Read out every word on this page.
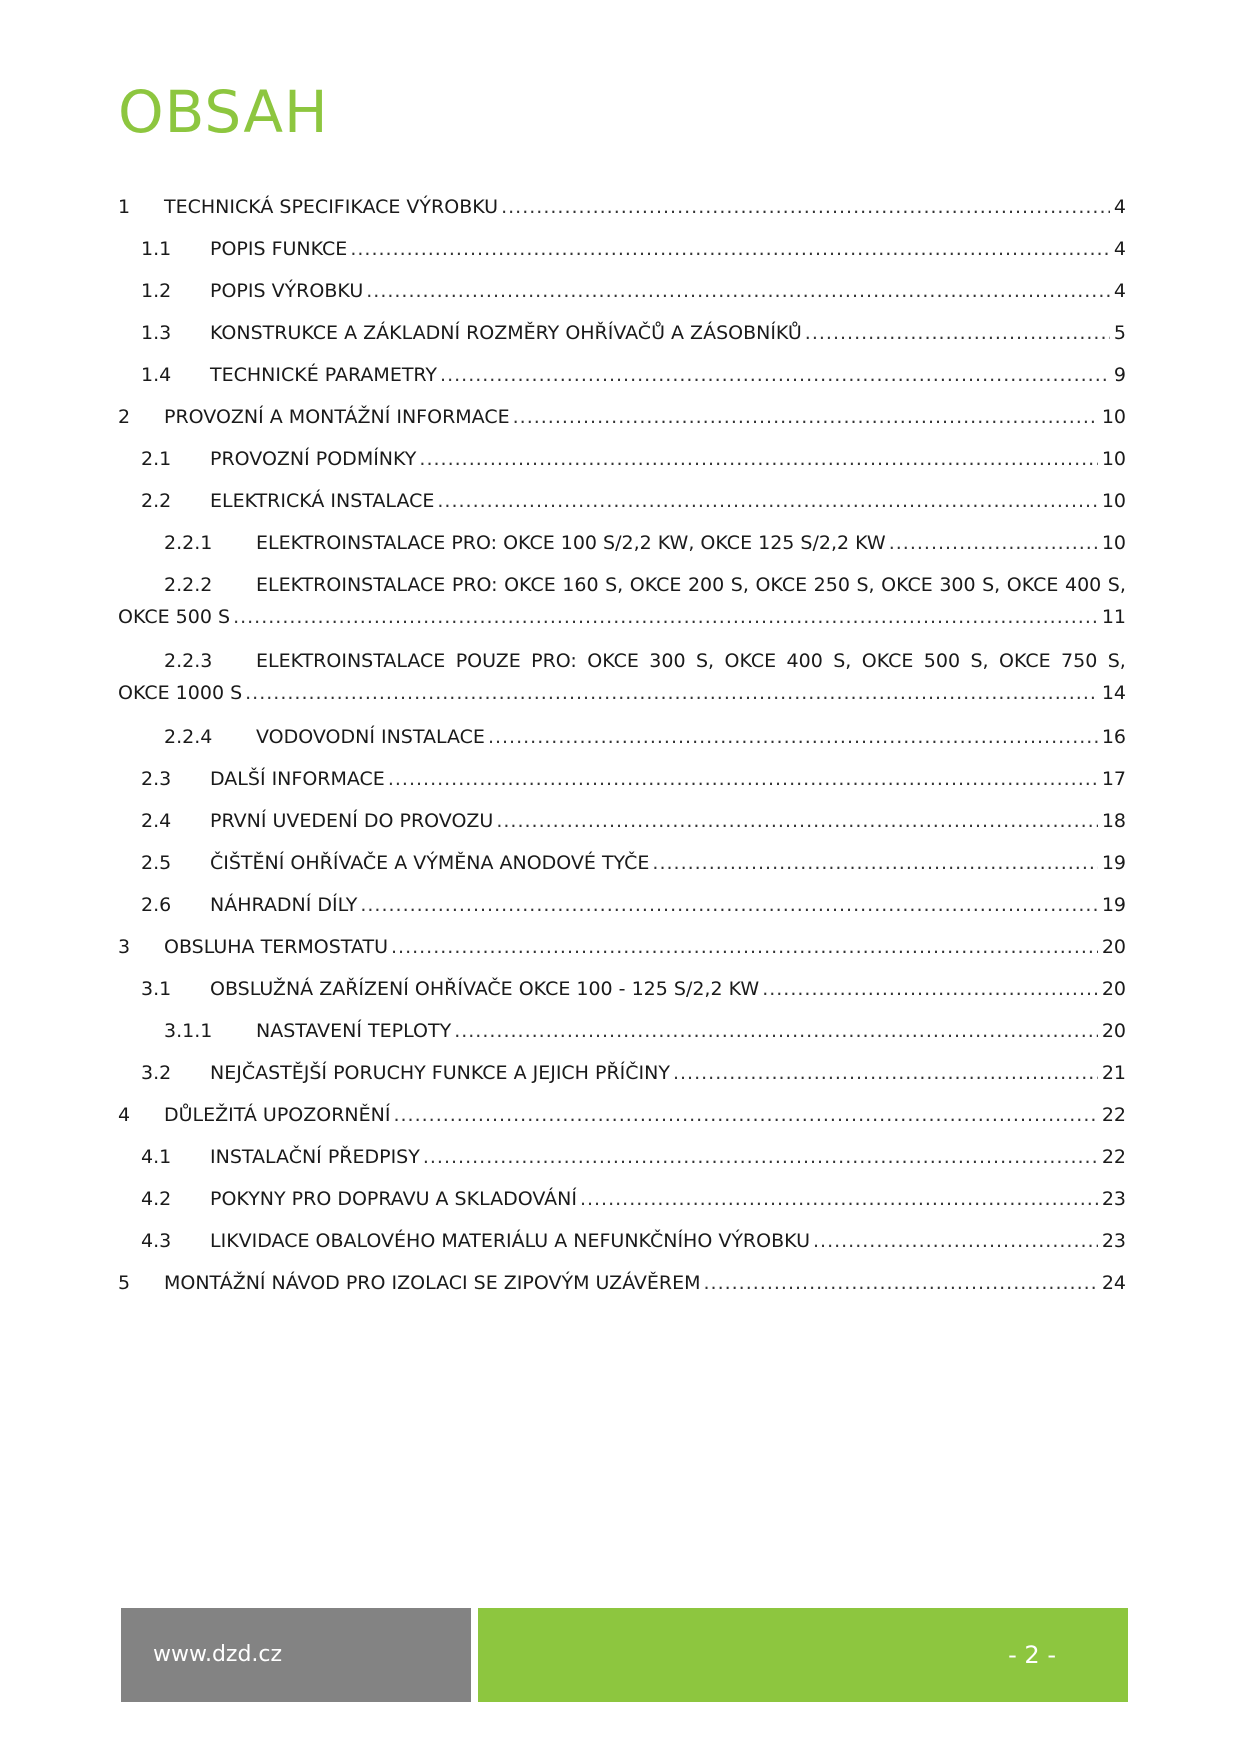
OBSAH
1 TECHNICKÁ SPECIFIKACE VÝROBKU .....	4
1.1 POPIS FUNKCE .....	4
1.2 POPIS VÝROBKU .....	4
1.3 KONSTRUKCE A ZÁKLADNÍ ROZMĚRY OHŘÍVAČŮ A ZÁSOBNÍKŮ .....	5
1.4 TECHNICKÉ PARAMETRY .....	9
2 PROVOZNÍ A MONTÁŽNÍ INFORMACE .....	10
2.1 PROVOZNÍ PODMÍNKY .....	10
2.2 ELEKTRICKÁ INSTALACE .....	10
2.2.1 ELEKTROINSTALACE PRO: OKCE 100 S/2,2 KW, OKCE 125 S/2,2 KW .....	10
2.2.2 ELEKTROINSTALACE PRO: OKCE 160 S, OKCE 200 S, OKCE 250 S, OKCE 300 S, OKCE 400 S,
OKCE 500 S .....	11
2.2.3 ELEKTROINSTALACE POUZE PRO: OKCE 300 S, OKCE 400 S, OKCE 500 S, OKCE 750 S,
OKCE 1000 S .....	14
2.2.4 VODOVODNÍ INSTALACE .....	16
2.3 DALŠÍ INFORMACE .....	17
2.4 PRVNÍ UVEDENÍ DO PROVOZU .....	18
2.5 ČIŠTĚNÍ OHŘÍVAČE A VÝMĚNA ANODOVÉ TYČE .....	19
2.6 NÁHRADNÍ DÍLY .....	19
3 OBSLUHA TERMOSTATU .....	20
3.1 OBSLUŽNÁ ZAŘÍZENÍ OHŘÍVAČE OKCE 100 - 125 S/2,2 KW .....	20
3.1.1 NASTAVENÍ TEPLOTY .....	20
3.2 NEJČASTĚJŠÍ PORUCHY FUNKCE A JEJICH PŘÍČINY .....	21
4 DŮLEŽITÁ UPOZORNĚNÍ .....	22
4.1 INSTALAČNÍ PŘEDPISY .....	22
4.2 POKYNY PRO DOPRAVU A SKLADOVÁNÍ .....	23
4.3 LIKVIDACE OBALOVÉHO MATERIÁLU A NEFUNKČNÍHO VÝROBKU .....	23
5 MONTÁŽNÍ NÁVOD PRO IZOLACI SE ZIPOVÝM UZÁVĚREM .....	24
www.dzd.cz	- 2 -
